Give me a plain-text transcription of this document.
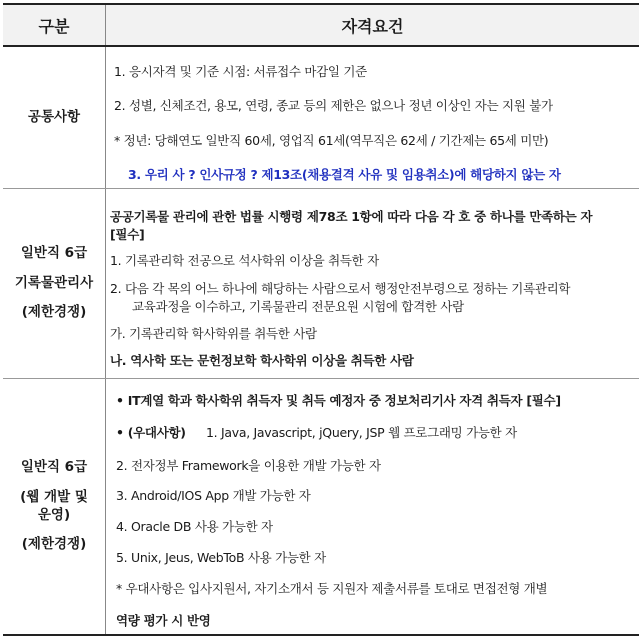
구분	자격요건
공통사항
1. 응시자격 및 기준 시점: 서류접수 마감일 기준
2. 성별, 신체조건, 용모, 연령, 종교 등의 제한은 없으나 정년 이상인 자는 지원 불가
* 정년: 당해연도 일반직 60세, 영업직 61세(역무직은 62세 / 기간제는 65세 미만)
3. 우리 사 ? 인사규정 ? 제13조(채용결격 사유 및 임용취소)에 해당하지 않는 자
일반직 6급
기록물관리사
(제한경쟁)
공공기록물 관리에 관한 법률 시행령 제78조 1항에 따라 다음 각 호 중 하나를 만족하는 자
[필수]
1. 기록관리학 전공으로 석사학위 이상을 취득한 자
2. 다음 각 목의 어느 하나에 해당하는 사람으로서 행정안전부령으로 정하는 기록관리학
교육과정을 이수하고, 기록물관리 전문요원 시험에 합격한 사람
가. 기록관리학 학사학위를 취득한 사람
나. 역사학 또는 문헌정보학 학사학위 이상을 취득한 사람
일반직 6급
(웹 개발 및
운영)
(제한경쟁)
• IT계열 학과 학사학위 취득자 및 취득 예정자 중 정보처리기사 자격 취득자 [필수]
• (우대사항) 1. Java, Javascript, jQuery, JSP 웹 프로그래밍 가능한 자
2. 전자정부 Framework을 이용한 개발 가능한 자
3. Android/IOS App 개발 가능한 자
4. Oracle DB 사용 가능한 자
5. Unix, Jeus, WebToB 사용 가능한 자
* 우대사항은 입사지원서, 자기소개서 등 지원자 제출서류를 토대로 면접전형 개별
역량 평가 시 반영
